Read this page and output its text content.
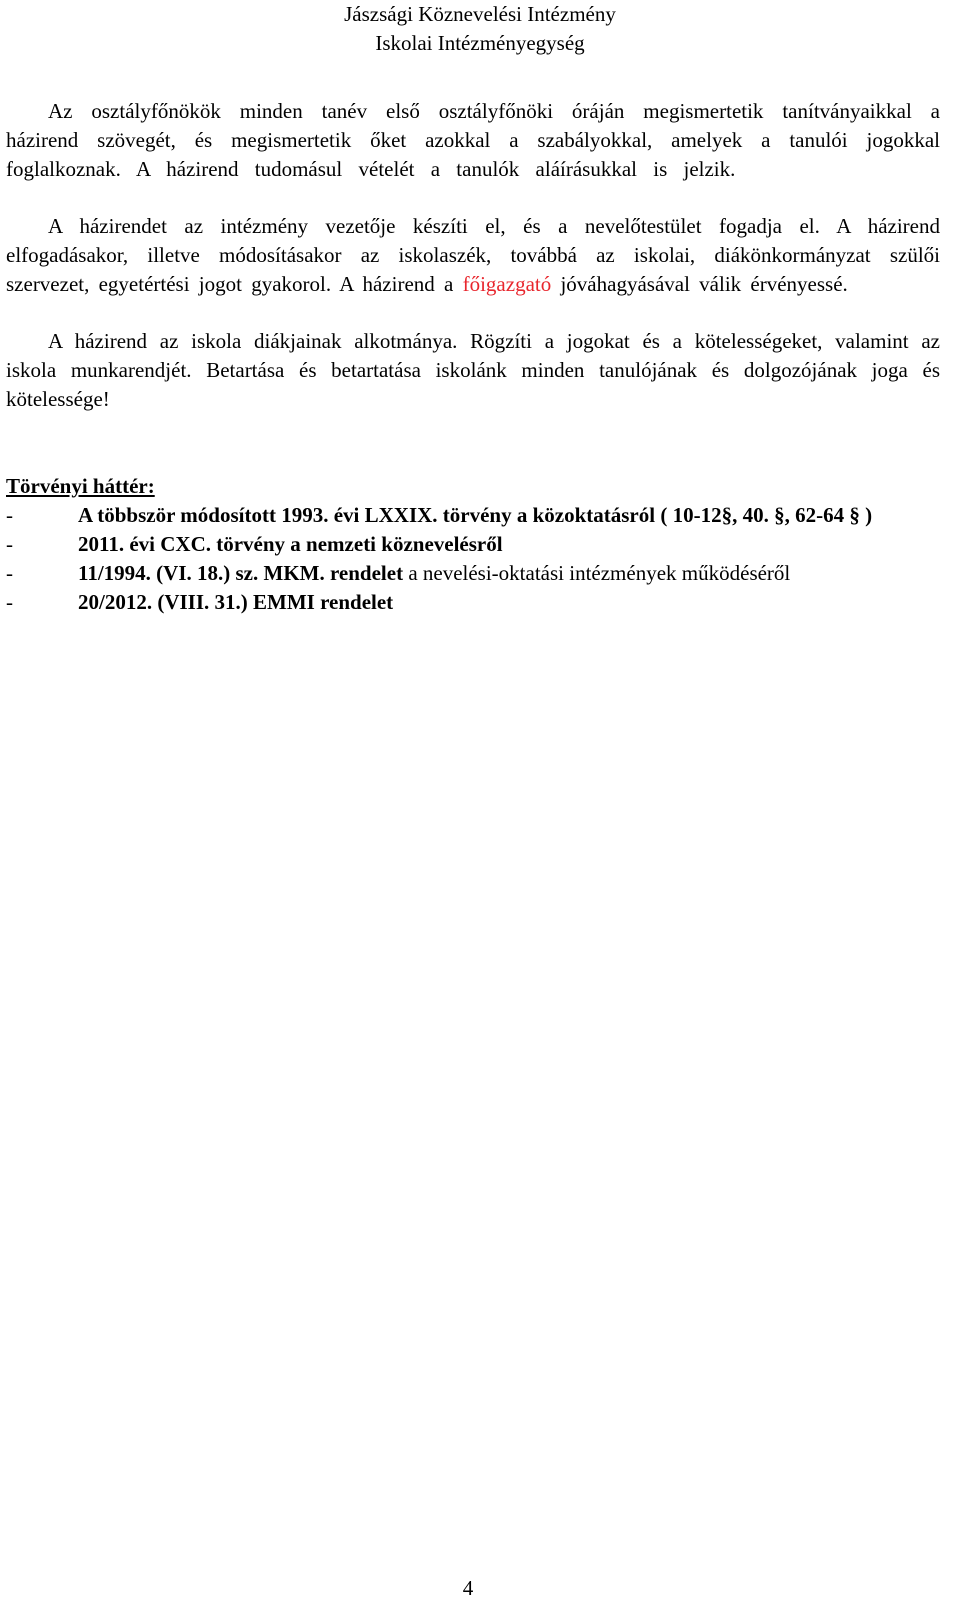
Jászsági Köznevelési Intézmény
Iskolai Intézményegység

Az osztályfőnökök minden tanév első osztályfőnöki óráján megismertetik tanítványaikkal a házirend szövegét, és megismertetik őket azokkal a szabályokkal, amelyek a tanulói jogokkal foglalkoznak. A házirend tudomásul vételét a tanulók aláírásukkal is jelzik.

A házirendet az intézmény vezetője készíti el, és a nevelőtestület fogadja el. A házirend elfogadásakor, illetve módosításakor az iskolaszék, továbbá az iskolai, diákönkormányzat szülői szervezet, egyetértési jogot gyakorol. A házirend a főigazgató jóváhagyásával válik érvényessé.

A házirend az iskola diákjainak alkotmánya. Rögzíti a jogokat és a kötelességeket, valamint az iskola munkarendjét. Betartása és betartatása iskolánk minden tanulójának és dolgozójának joga és kötelessége!

Törvényi háttér:

-	A többször módosított 1993. évi LXXIX. törvény a közoktatásról ( 10-12§, 40. §, 62-64 § )
-	2011. évi CXC. törvény a nemzeti köznevelésről
-	11/1994. (VI. 18.) sz. MKM. rendelet a nevelési-oktatási intézmények működéséről
-	20/2012. (VIII. 31.) EMMI rendelet
4
